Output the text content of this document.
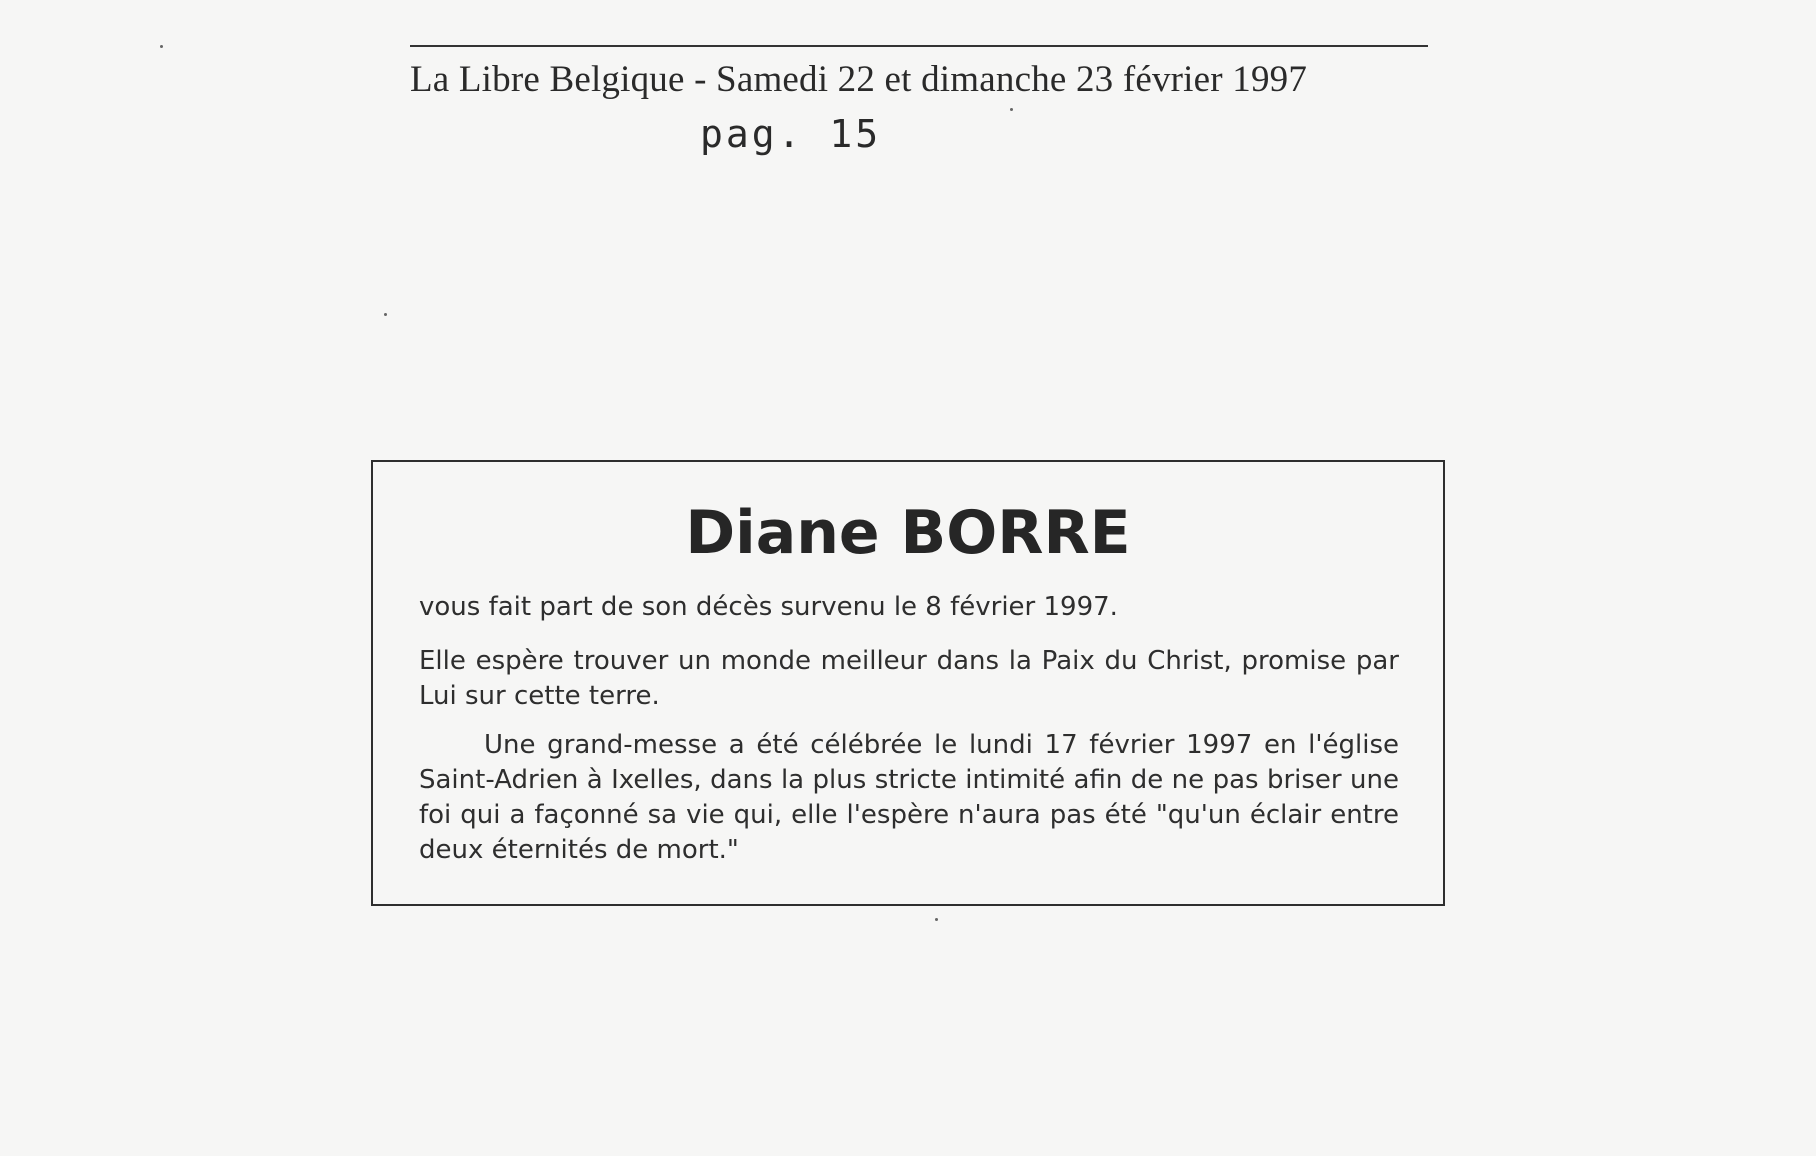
La Libre Belgique - Samedi 22 et dimanche 23 février 1997
pag. 15
Diane BORRE
vous fait part de son décès survenu le 8 février 1997.
Elle espère trouver un monde meilleur dans la Paix du Christ, promise par Lui sur cette terre.
Une grand-messe a été célébrée le lundi 17 février 1997 en l'église Saint-Adrien à Ixelles, dans la plus stricte intimité afin de ne pas briser une foi qui a façonné sa vie qui, elle l'espère n'aura pas été "qu'un éclair entre deux éternités de mort."
